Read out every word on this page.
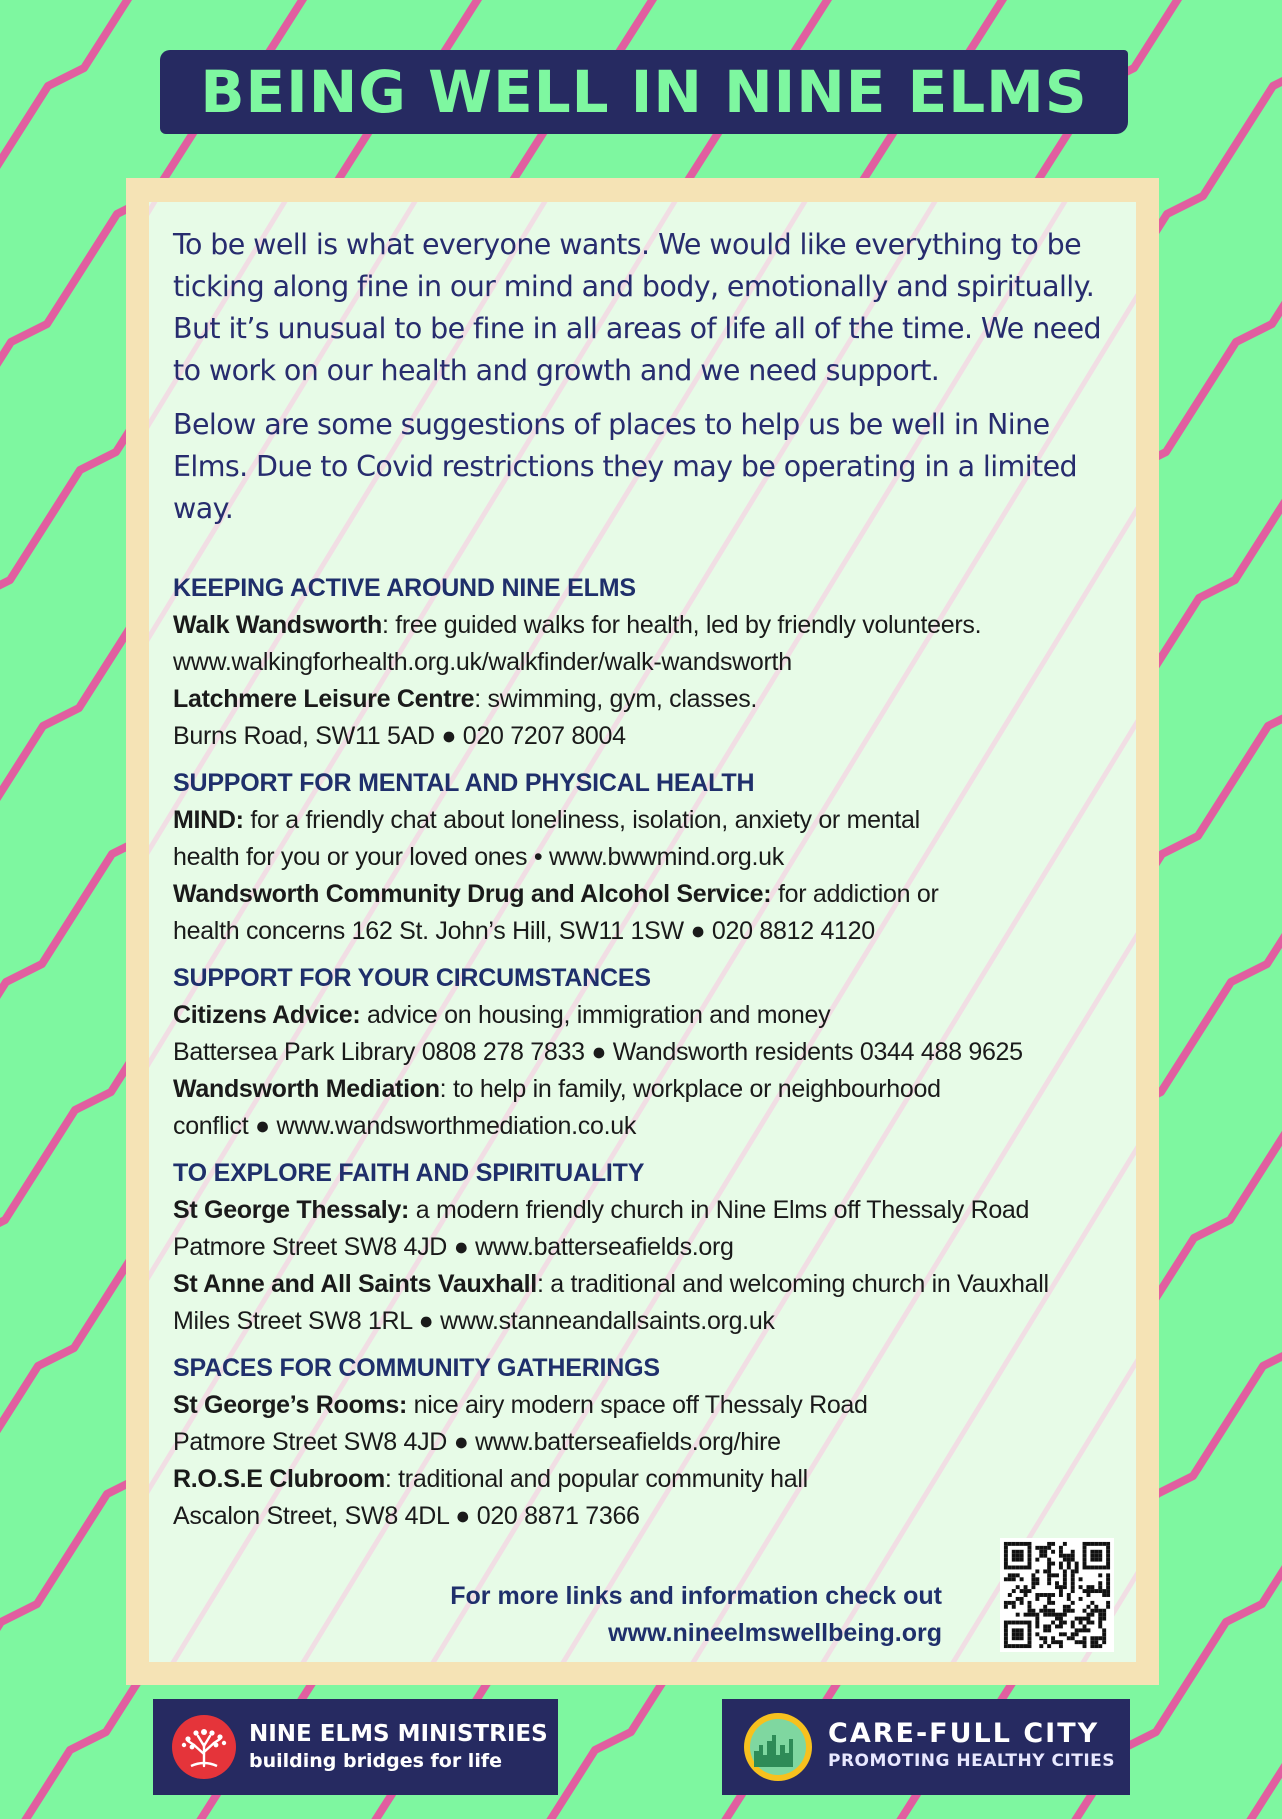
BEING WELL IN NINE ELMS

To be well is what everyone wants. We would like everything to be ticking along fine in our mind and body, emotionally and spiritually. But it’s unusual to be fine in all areas of life all of the time. We need to work on our health and growth and we need support.

Below are some suggestions of places to help us be well in Nine Elms. Due to Covid restrictions they may be operating in a limited way.

KEEPING ACTIVE AROUND NINE ELMS
Walk Wandsworth: free guided walks for health, led by friendly volunteers.
www.walkingforhealth.org.uk/walkfinder/walk-wandsworth
Latchmere Leisure Centre: swimming, gym, classes.
Burns Road, SW11 5AD ● 020 7207 8004
SUPPORT FOR MENTAL AND PHYSICAL HEALTH
MIND: for a friendly chat about loneliness, isolation, anxiety or mental
health for you or your loved ones • www.bwwmind.org.uk
Wandsworth Community Drug and Alcohol Service: for addiction or
health concerns 162 St. John’s Hill, SW11 1SW ● 020 8812 4120
SUPPORT FOR YOUR CIRCUMSTANCES
Citizens Advice: advice on housing, immigration and money
Battersea Park Library 0808 278 7833 ● Wandsworth residents 0344 488 9625
Wandsworth Mediation: to help in family, workplace or neighbourhood
conflict ● www.wandsworthmediation.co.uk
TO EXPLORE FAITH AND SPIRITUALITY
St George Thessaly: a modern friendly church in Nine Elms off Thessaly Road
Patmore Street SW8 4JD ● www.batterseafields.org
St Anne and All Saints Vauxhall: a traditional and welcoming church in Vauxhall
Miles Street SW8 1RL ● www.stanneandallsaints.org.uk
SPACES FOR COMMUNITY GATHERINGS
St George’s Rooms: nice airy modern space off Thessaly Road
Patmore Street SW8 4JD ● www.batterseafields.org/hire
R.O.S.E Clubroom: traditional and popular community hall
Ascalon Street, SW8 4DL ● 020 8871 7366
For more links and information check out
www.nineelmswellbeing.org
NINE ELMS MINISTRIES
building bridges for life
CARE-FULL CITY
PROMOTING HEALTHY CITIES
